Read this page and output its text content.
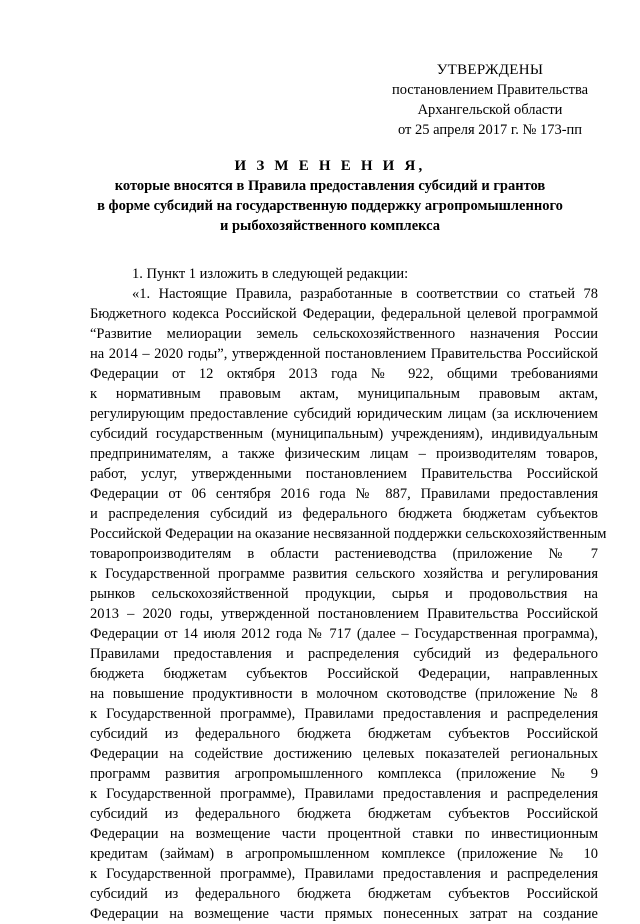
УТВЕРЖДЕНЫ
постановлением Правительства
Архангельской области
от 25 апреля 2017 г. № 173-пп
И З М Е Н Е Н И Я,
которые вносятся в Правила предоставления субсидий и грантов
в форме субсидий на государственную поддержку агропромышленного
и рыбохозяйственного комплекса
1. Пункт 1 изложить в следующей редакции:
«1. Настоящие Правила, разработанные в соответствии со статьей 78
Бюджетного кодекса Российской Федерации, федеральной целевой программой
“Развитие мелиорации земель сельскохозяйственного назначения России
на 2014 – 2020 годы”, утвержденной постановлением Правительства Российской
Федерации от 12 октября 2013 года № 922, общими требованиями
к нормативным правовым актам, муниципальным правовым актам,
регулирующим предоставление субсидий юридическим лицам (за исключением
субсидий государственным (муниципальным) учреждениям), индивидуальным
предпринимателям, а также физическим лицам – производителям товаров,
работ, услуг, утвержденными постановлением Правительства Российской
Федерации от 06 сентября 2016 года № 887, Правилами предоставления
и распределения субсидий из федерального бюджета бюджетам субъектов
Российской Федерации на оказание несвязанной поддержки сельскохозяйственным
товаропроизводителям в области растениеводства (приложение № 7
к Государственной программе развития сельского хозяйства и регулирования
рынков сельскохозяйственной продукции, сырья и продовольствия на
2013 – 2020 годы, утвержденной постановлением Правительства Российской
Федерации от 14 июля 2012 года № 717 (далее – Государственная программа),
Правилами предоставления и распределения субсидий из федерального
бюджета бюджетам субъектов Российской Федерации, направленных
на повышение продуктивности в молочном скотоводстве (приложение № 8
к Государственной программе), Правилами предоставления и распределения
субсидий из федерального бюджета бюджетам субъектов Российской
Федерации на содействие достижению целевых показателей региональных
программ развития агропромышленного комплекса (приложение № 9
к Государственной программе), Правилами предоставления и распределения
субсидий из федерального бюджета бюджетам субъектов Российской
Федерации на возмещение части процентной ставки по инвестиционным
кредитам (займам) в агропромышленном комплексе (приложение № 10
к Государственной программе), Правилами предоставления и распределения
субсидий из федерального бюджета бюджетам субъектов Российской
Федерации на возмещение части прямых понесенных затрат на создание
